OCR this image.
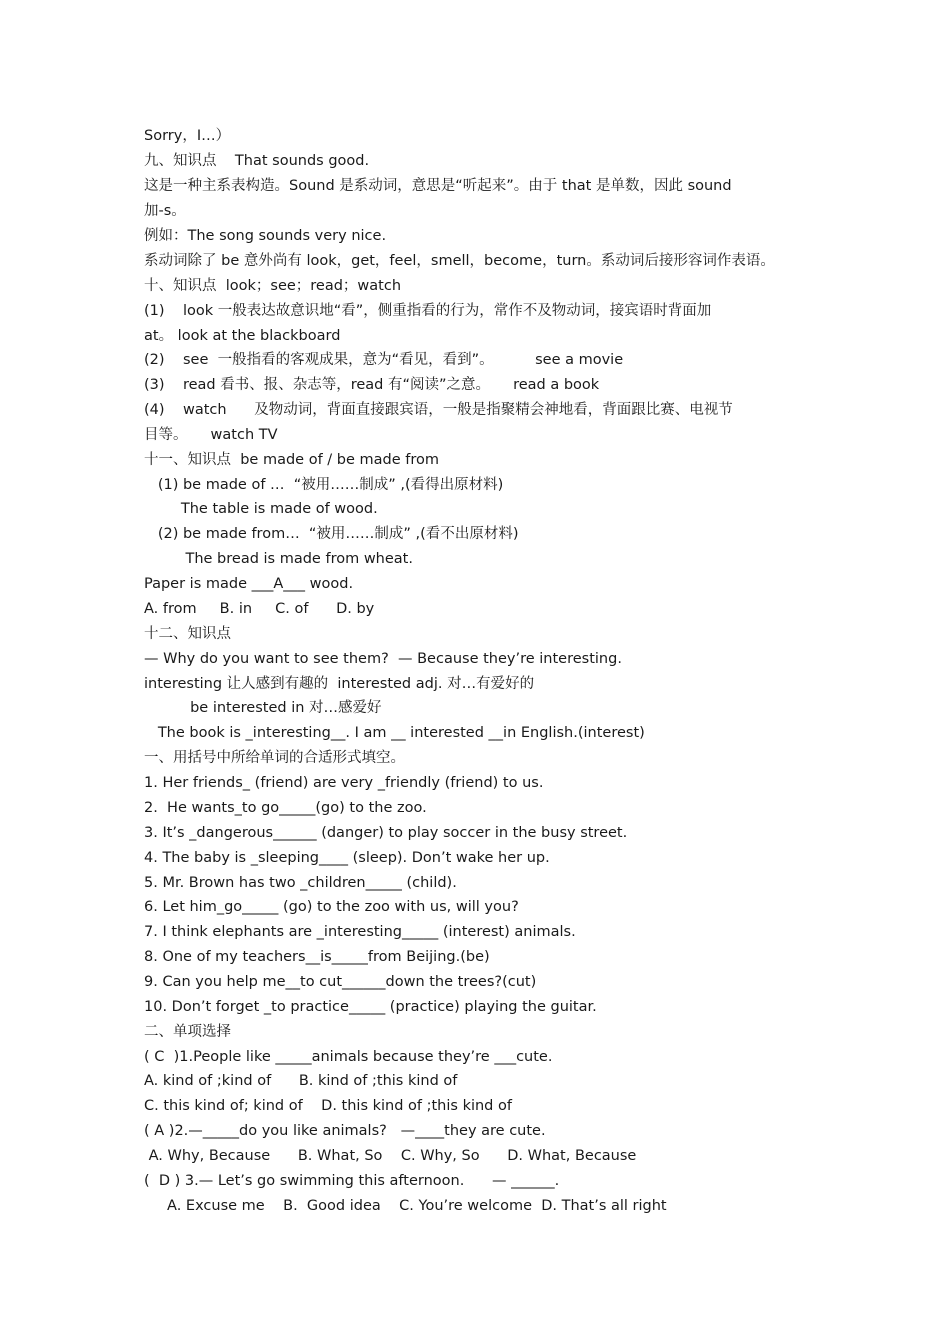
Sorry，I…）
九、知识点    That sounds good.
这是一种主系表构造。Sound 是系动词，意思是“听起来”。由于 that 是单数，因此 sound
加-s。
例如：The song sounds very nice.
系动词除了 be 意外尚有 look，get，feel，smell，become，turn。系动词后接形容词作表语。
十、知识点  look；see；read；watch
(1)    look 一般表达故意识地“看”，侧重指看的行为，常作不及物动词，接宾语时背面加
at。 look at the blackboard
(2)    see  一般指看的客观成果，意为“看见，看到”。         see a movie
(3)    read 看书、报、杂志等，read 有“阅读”之意。     read a book
(4)    watch      及物动词，背面直接跟宾语，一般是指聚精会神地看，背面跟比赛、电视节
目等。     watch TV
十一、知识点  be made of / be made from
(1) be made of …  “被用……制成” ,(看得出原材料)
The table is made of wood.
(2) be made from…  “被用……制成” ,(看不出原材料)
The bread is made from wheat.
Paper is made ___A___ wood.
A. from     B. in     C. of      D. by
十二、知识点
— Why do you want to see them?  — Because they’re interesting.
interesting 让人感到有趣的  interested adj. 对…有爱好的
be interested in 对…感爱好
The book is _interesting__. I am __ interested __in English.(interest)
一、用括号中所给单词的合适形式填空。
1. Her friends_ (friend) are very _friendly (friend) to us.
2.  He wants_to go_____(go) to the zoo.
3. It’s _dangerous______ (danger) to play soccer in the busy street.
4. The baby is _sleeping____ (sleep). Don’t wake her up.
5. Mr. Brown has two _children_____ (child).
6. Let him_go_____ (go) to the zoo with us, will you?
7. I think elephants are _interesting_____ (interest) animals.
8. One of my teachers__is_____from Beijing.(be)
9. Can you help me__to cut______down the trees?(cut)
10. Don’t forget _to practice_____ (practice) playing the guitar.
二、单项选择
( C  )1.People like _____animals because they’re ___cute.
A. kind of ;kind of      B. kind of ;this kind of
C. this kind of; kind of    D. this kind of ;this kind of
( A )2.—_____do you like animals?   —____they are cute.
A. Why, Because      B. What, So    C. Why, So      D. What, Because
(  D ) 3.— Let’s go swimming this afternoon.      — ______.
A. Excuse me    B.  Good idea    C. You’re welcome  D. That’s all right
